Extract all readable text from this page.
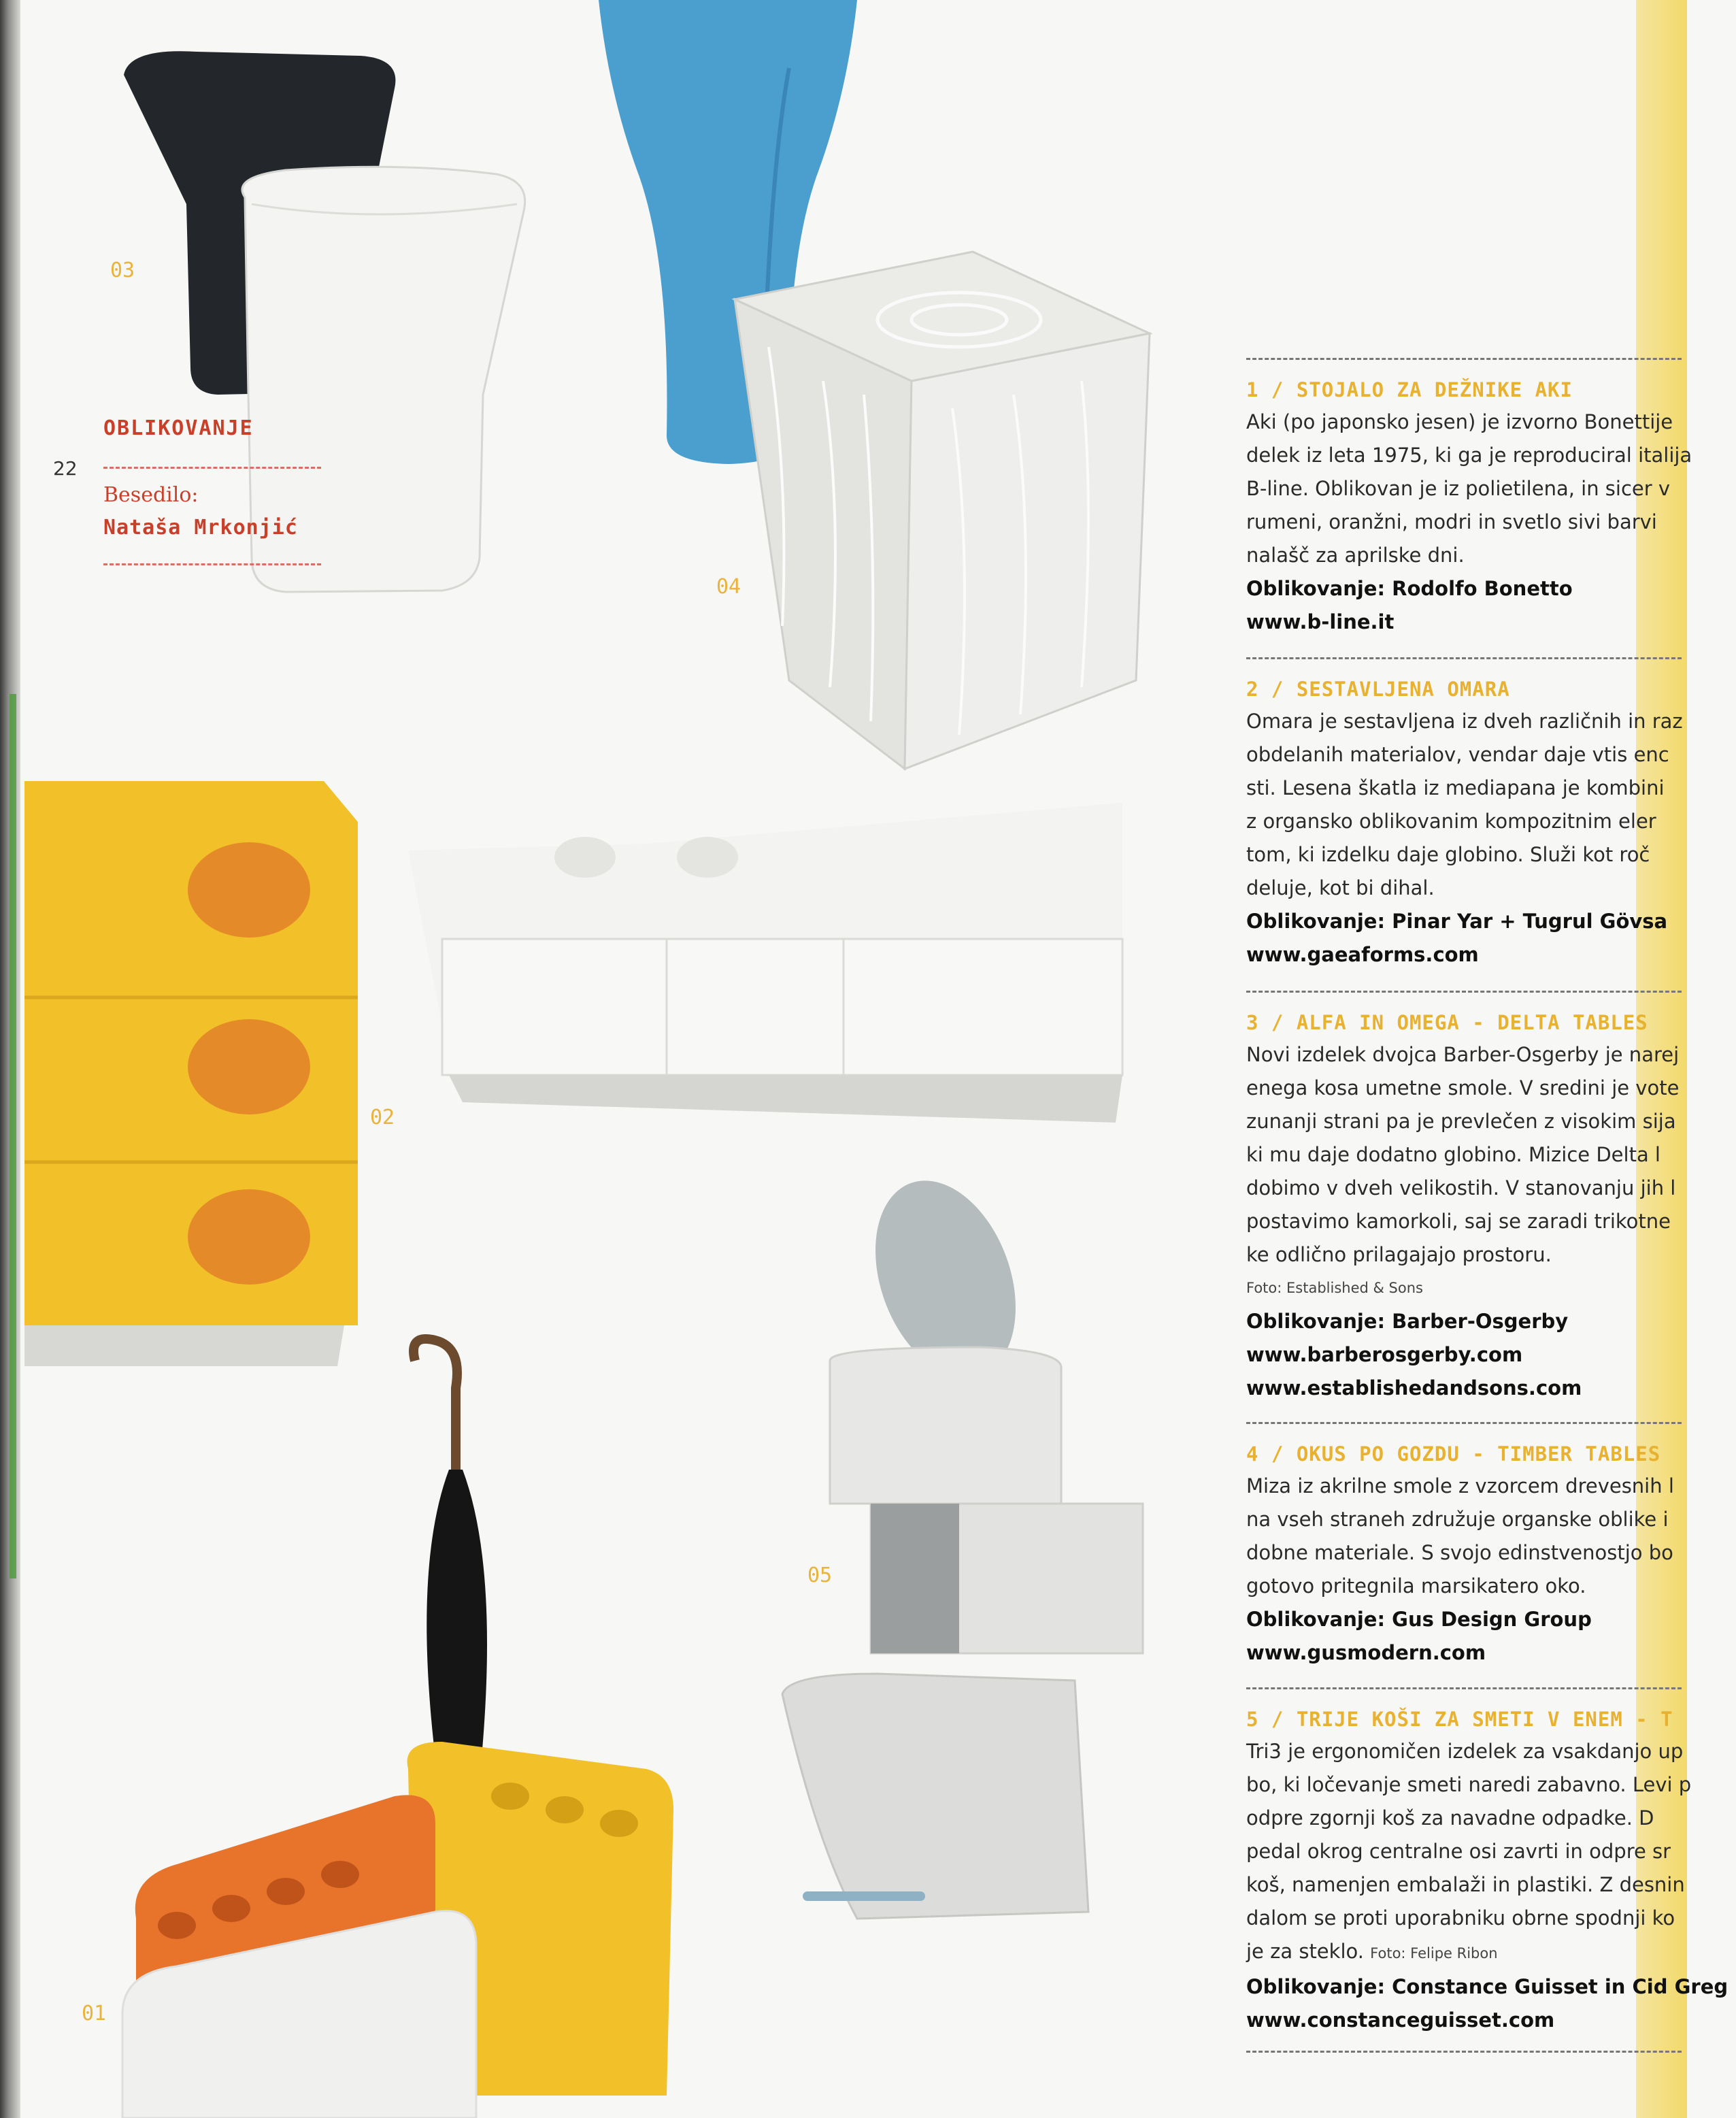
OBLIKOVANJE
22
Besedilo:
Nataša Mrkonjić
03
04
02
05
01
1 / STOJALO ZA DEŽNIKE AKI

Aki (po japonsko jesen) je izvorno Bonettije

delek iz leta 1975, ki ga je reproduciral italija

B-line. Oblikovan je iz polietilena, in sicer v

rumeni, oranžni, modri in svetlo sivi barvi

nalašč za aprilske dni.

Oblikovanje: Rodolfo Bonetto

www.b-line.it

2 / SESTAVLJENA OMARA

Omara je sestavljena iz dveh različnih in raz

obdelanih materialov, vendar daje vtis enc

sti. Lesena škatla iz mediapana je kombini

z organsko oblikovanim kompozitnim eler

tom, ki izdelku daje globino. Služi kot roč

deluje, kot bi dihal.

Oblikovanje: Pinar Yar + Tugrul Gövsa

www.gaeaforms.com

3 / ALFA IN OMEGA - DELTA TABLES

Novi izdelek dvojca Barber-Osgerby je narej

enega kosa umetne smole. V sredini je vote

zunanji strani pa je prevlečen z visokim sija

ki mu daje dodatno globino. Mizice Delta l

dobimo v dveh velikostih. V stanovanju jih l

postavimo kamorkoli, saj se zaradi trikotne

ke odlično prilagajajo prostoru.

Foto: Established & Sons

Oblikovanje: Barber-Osgerby

www.barberosgerby.com

www.establishedandsons.com

4 / OKUS PO GOZDU - TIMBER TABLES

Miza iz akrilne smole z vzorcem drevesnih l

na vseh straneh združuje organske oblike i

dobne materiale. S svojo edinstvenostjo bo

gotovo pritegnila marsikatero oko.

Oblikovanje: Gus Design Group

www.gusmodern.com

5 / TRIJE KOŠI ZA SMETI V ENEM - T

Tri3 je ergonomičen izdelek za vsakdanjo up

bo, ki ločevanje smeti naredi zabavno. Levi p

odpre zgornji koš za navadne odpadke. D

pedal okrog centralne osi zavrti in odpre sr

koš, namenjen embalaži in plastiki. Z desnin

dalom se proti uporabniku obrne spodnji ko

je za steklo. Foto: Felipe Ribon

Oblikovanje: Constance Guisset in Cid Greg

www.constanceguisset.com
